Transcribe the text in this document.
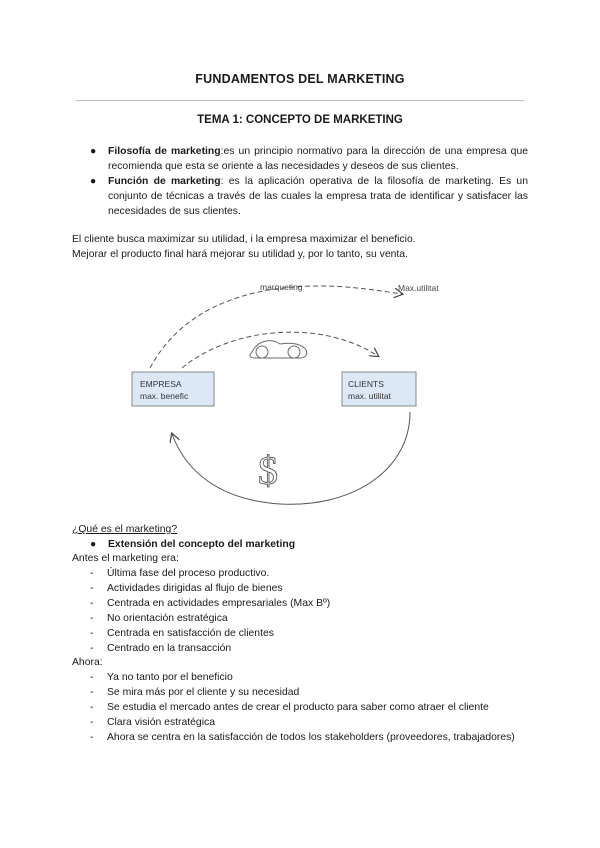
FUNDAMENTOS DEL MARKETING
TEMA 1: CONCEPTO DE MARKETING
● Filosofía de marketing:es un principio normativo para la dirección de una empresa que recomienda que esta se oriente a las necesidades y deseos de sus clientes.
● Función de marketing: es la aplicación operativa de la filosofía de marketing. Es un conjunto de técnicas a través de las cuales la empresa trata de identificar y satisfacer las necesidades de sus clientes.
El cliente busca maximizar su utilidad, i la empresa maximizar el beneficio.
Mejorar el producto final hará mejorar su utilidad y, por lo tanto, su venta.
marqueting	Max.utilitat
EMPRESA
max. benefic
CLIENTS
max. utilitat
$
¿Qué es el marketing?
● Extensión del concepto del marketing
Antes el marketing era:
- Última fase del proceso productivo.
- Actividades dirigidas al flujo de bienes
- Centrada en actividades empresariales (Max Bº)
- No orientación estratégica
- Centrada en satisfacción de clientes
- Centrado en la transacción
Ahora:
- Ya no tanto por el beneficio
- Se mira más por el cliente y su necesidad
- Se estudia el mercado antes de crear el producto para saber como atraer el cliente
- Clara visión estratégica
- Ahora se centra en la satisfacción de todos los stakeholders (proveedores, trabajadores)
